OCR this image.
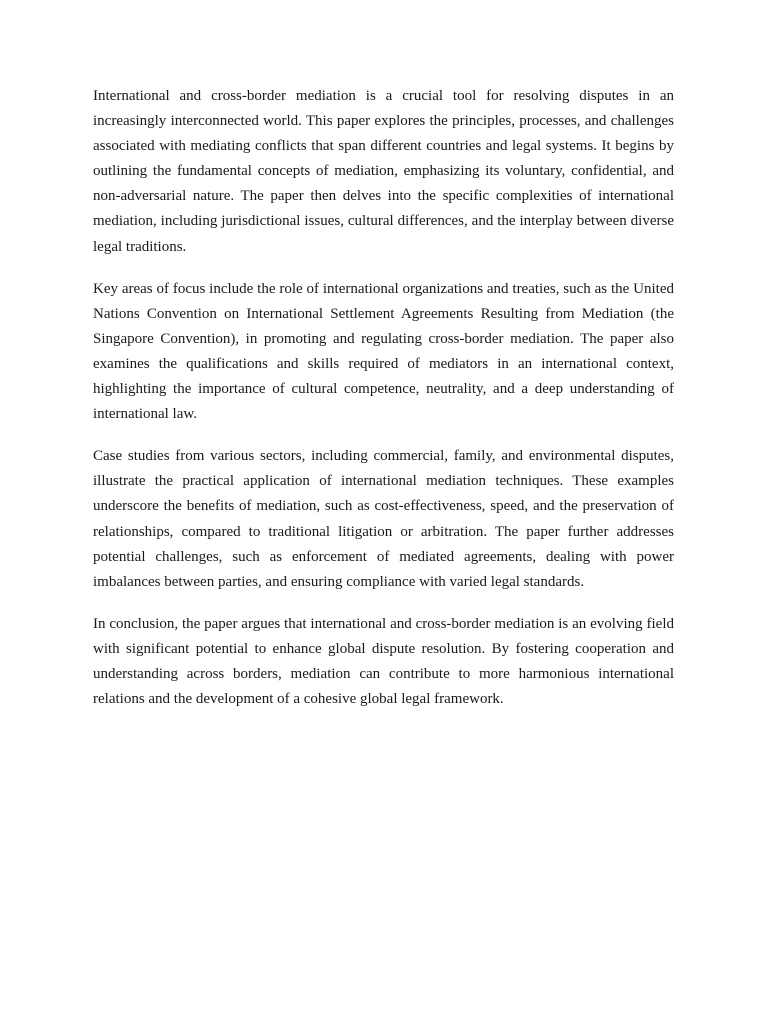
International and cross-border mediation is a crucial tool for resolving disputes in an increasingly interconnected world. This paper explores the principles, processes, and challenges associated with mediating conflicts that span different countries and legal systems. It begins by outlining the fundamental concepts of mediation, emphasizing its voluntary, confidential, and non-adversarial nature. The paper then delves into the specific complexities of international mediation, including jurisdictional issues, cultural differences, and the interplay between diverse legal traditions.

Key areas of focus include the role of international organizations and treaties, such as the United Nations Convention on International Settlement Agreements Resulting from Mediation (the Singapore Convention), in promoting and regulating cross-border mediation. The paper also examines the qualifications and skills required of mediators in an international context, highlighting the importance of cultural competence, neutrality, and a deep understanding of international law.

Case studies from various sectors, including commercial, family, and environmental disputes, illustrate the practical application of international mediation techniques. These examples underscore the benefits of mediation, such as cost-effectiveness, speed, and the preservation of relationships, compared to traditional litigation or arbitration. The paper further addresses potential challenges, such as enforcement of mediated agreements, dealing with power imbalances between parties, and ensuring compliance with varied legal standards.

In conclusion, the paper argues that international and cross-border mediation is an evolving field with significant potential to enhance global dispute resolution. By fostering cooperation and understanding across borders, mediation can contribute to more harmonious international relations and the development of a cohesive global legal framework.
